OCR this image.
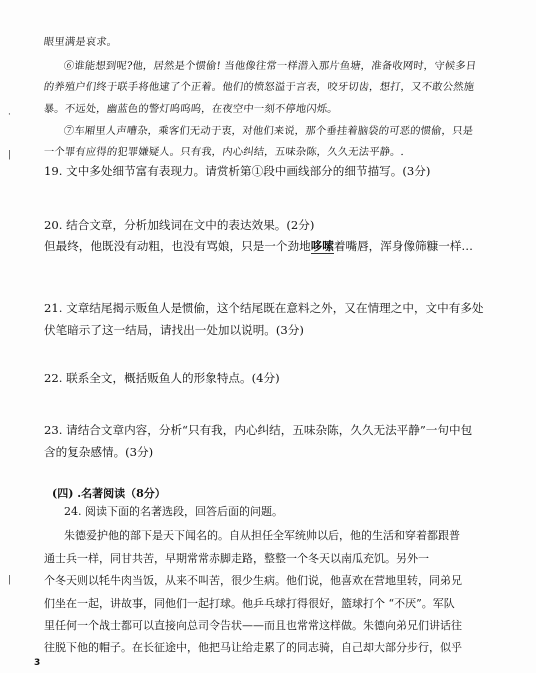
眼里满是哀求。
⑥谁能想到呢?他，居然是个惯偷! 当他像往常一样潜入那片鱼塘，准备收网时，守候多日
的养殖户们终于联手将他逮了个正着。他们的愤怒溢于言表，咬牙切齿，想打，又不敢公然施
暴。不远处，幽蓝色的警灯呜呜呜，在夜空中一刻不停地闪烁。
⑦车厢里人声嘈杂，乘客们无动于衷，对他们来说，那个垂挂着脑袋的可恶的惯偷，只是
一个罪有应得的犯罪嫌疑人。只有我，内心纠结，五味杂陈，久久无法平静。.
19. 文中多处细节富有表现力。请赏析第①段中画线部分的细节描写。(3分)
20. 结合文章，分析加线词在文中的表达效果。(2分)
但最终，他既没有动粗，也没有骂娘，只是一个劲地哆嗦着嘴唇，浑身像筛糠一样…
21. 文章结尾揭示贩鱼人是惯偷，这个结尾既在意料之外，又在情理之中，文中有多处
伏笔暗示了这一结局，请找出一处加以说明。(3分)
22. 联系全文，概括贩鱼人的形象特点。(4分)
23. 请结合文章内容，分析“只有我，内心纠结，五味杂陈，久久无法平静”一句中包
含的复杂感情。(3分)
(四) .名著阅读（8分）
24. 阅读下面的名著选段，回答后面的问题。
朱德爱护他的部下是天下闻名的。自从担任全军统帅以后，他的生活和穿着都跟普
通士兵一样，同甘共苦，早期常常赤脚走路，整整一个冬天以南瓜充饥。另外一
个冬天则以牦牛肉当饭，从来不叫苦，很少生病。他们说，他喜欢在营地里转，同弟兄
们坐在一起，讲故事，同他们一起打球。他乒乓球打得很好，篮球打个 “不厌”。军队
里任何一个战士都可以直接向总司令告状——而且也常常这样做。朱德向弟兄们讲话往
往脱下他的帽子。在长征途中，他把马让给走累了的同志骑，自己却大部分步行，似乎
3
·
|
|
